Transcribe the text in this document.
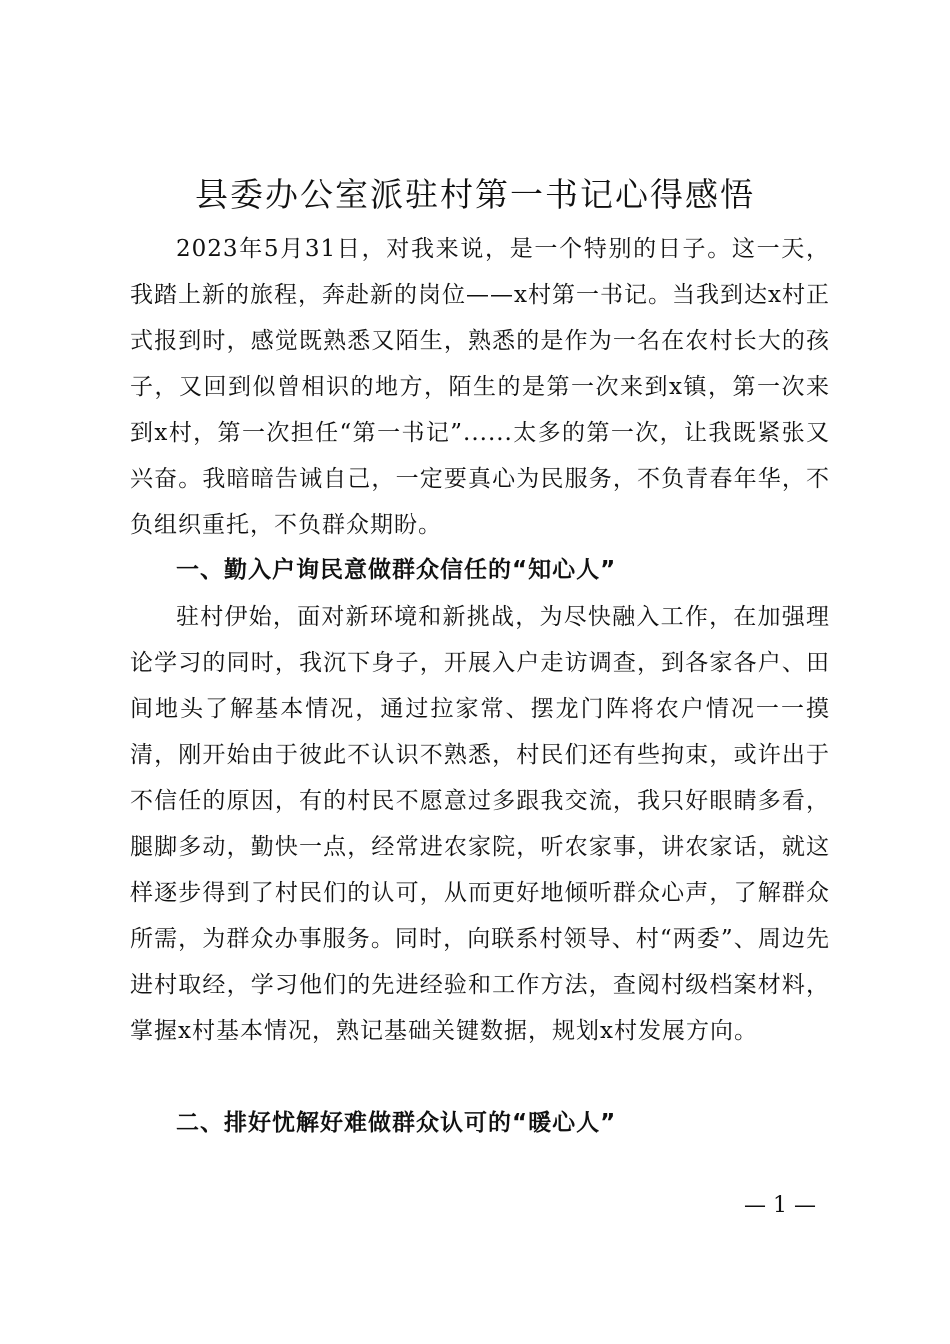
县委办公室派驻村第一书记心得感悟

2023年5月31日，对我来说，是一个特别的日子。这一天，我踏上新的旅程，奔赴新的岗位——x村第一书记。当我到达x村正式报到时，感觉既熟悉又陌生，熟悉的是作为一名在农村长大的孩子，又回到似曾相识的地方，陌生的是第一次来到x镇，第一次来到x村，第一次担任“第一书记”......太多的第一次，让我既紧张又兴奋。我暗暗告诫自己，一定要真心为民服务，不负青春年华，不负组织重托，不负群众期盼。

一、勤入户询民意做群众信任的“知心人”

驻村伊始，面对新环境和新挑战，为尽快融入工作，在加强理论学习的同时，我沉下身子，开展入户走访调查，到各家各户、田间地头了解基本情况，通过拉家常、摆龙门阵将农户情况一一摸清，刚开始由于彼此不认识不熟悉，村民们还有些拘束，或许出于不信任的原因，有的村民不愿意过多跟我交流，我只好眼睛多看，腿脚多动，勤快一点，经常进农家院，听农家事，讲农家话，就这样逐步得到了村民们的认可，从而更好地倾听群众心声，了解群众所需，为群众办事服务。同时，向联系村领导、村“两委”、周边先进村取经，学习他们的先进经验和工作方法，查阅村级档案材料，掌握x村基本情况，熟记基础关键数据，规划x村发展方向。

二、排好忧解好难做群众认可的“暖心人”

— 1 —
